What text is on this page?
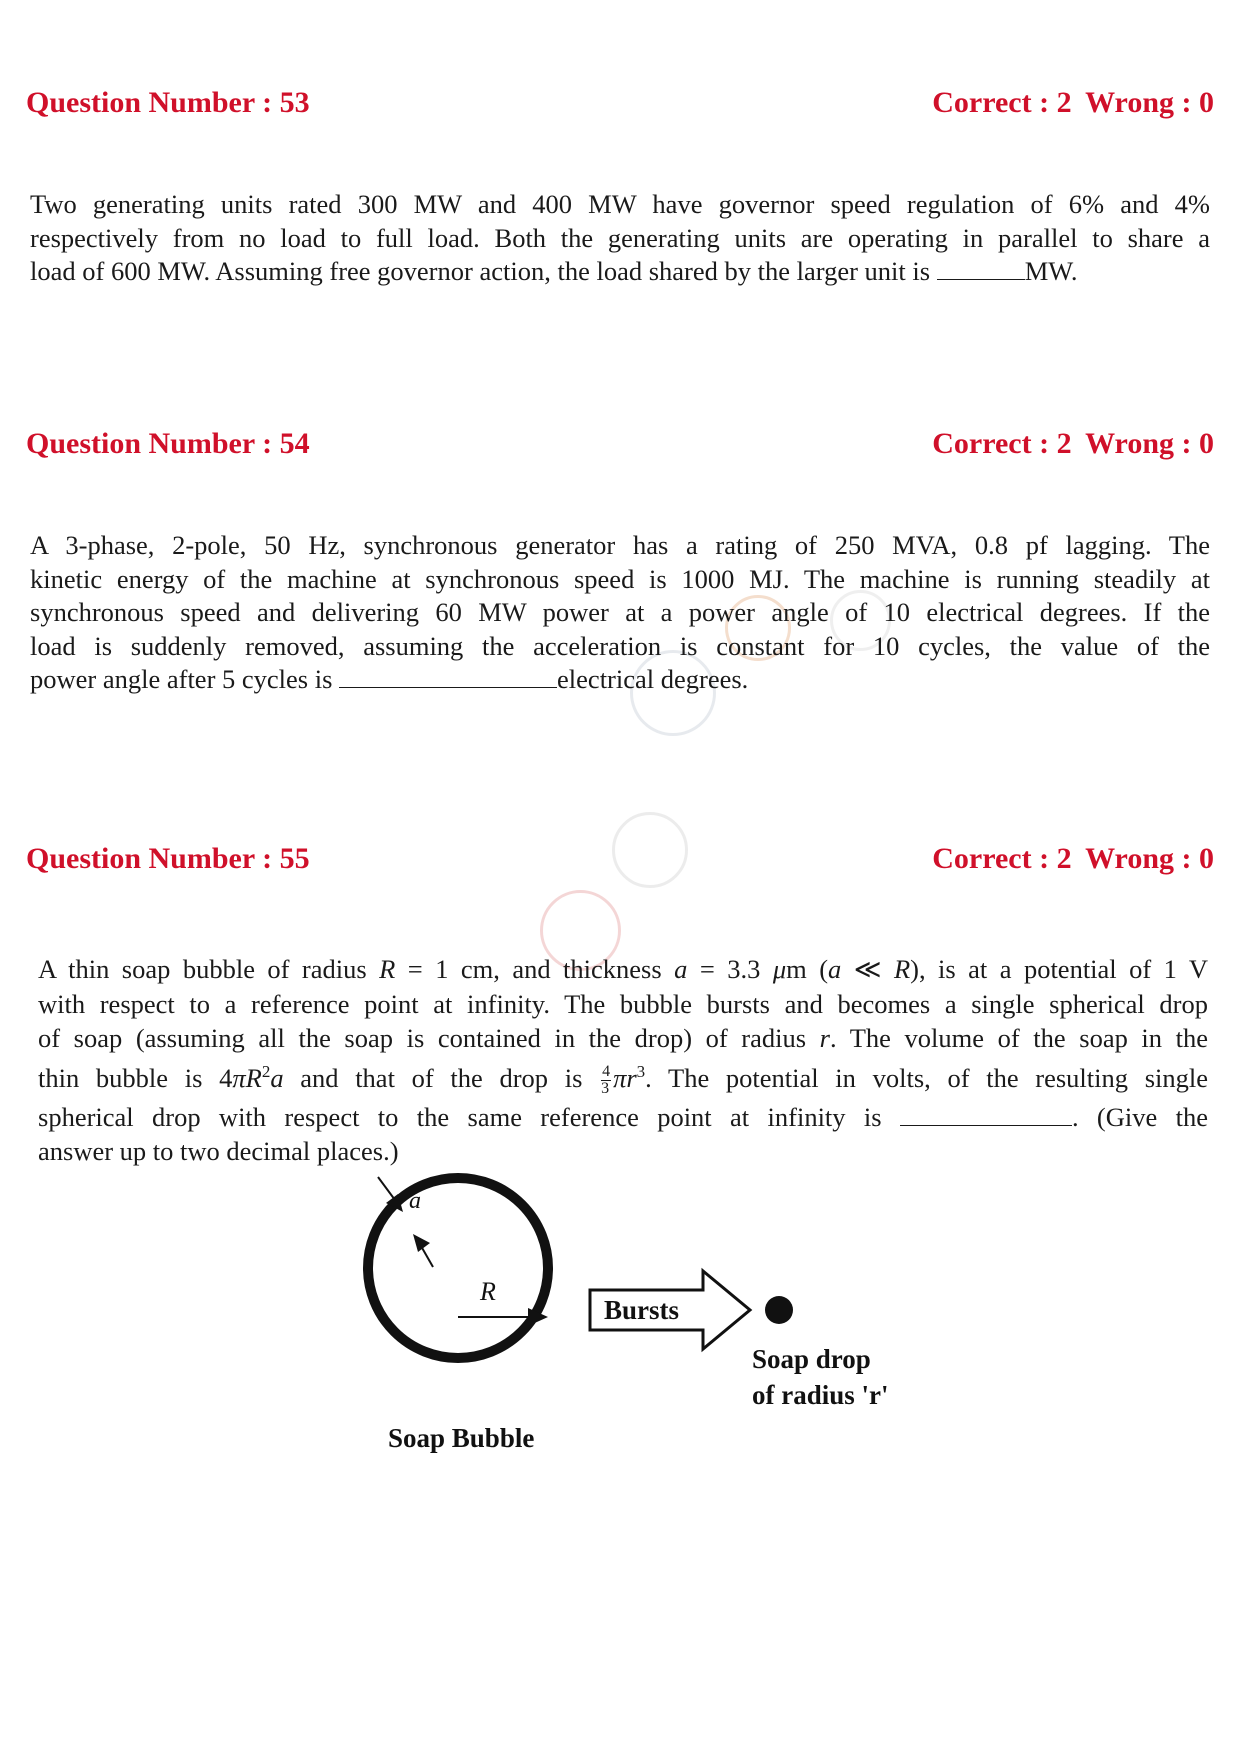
Question Number : 53	Correct : 2 Wrong : 0
Two generating units rated 300 MW and 400 MW have governor speed regulation of 6% and 4%
respectively from no load to full load. Both the generating units are operating in parallel to share a
load of 600 MW. Assuming free governor action, the load shared by the larger unit is	MW.
Question Number : 54	Correct : 2 Wrong : 0
A 3-phase, 2-pole, 50 Hz, synchronous generator has a rating of 250 MVA, 0.8 pf lagging. The
kinetic energy of the machine at synchronous speed is 1000 MJ. The machine is running steadily at
synchronous speed and delivering 60 MW power at a power angle of 10 electrical degrees. If the
load is suddenly removed, assuming the acceleration is constant for 10 cycles, the value of the
power angle after 5 cycles is	electrical degrees.
Question Number : 55	Correct : 2 Wrong : 0
A thin soap bubble of radius R = 1 cm, and thickness a = 3.3 μm (a ≪ R), is at a potential of 1 V
with respect to a reference point at infinity. The bubble bursts and becomes a single spherical drop
of soap (assuming all the soap is contained in the drop) of radius r. The volume of the soap in the
thin bubble is $4\pi R^2a$ and that of the drop is $\frac{4}{3} \pi r^3$. The potential in volts, of the resulting single
spherical drop with respect to the same reference point at infinity is	. (Give the
answer up to two decimal places.)
a
R
Bursts
Soap drop
of radius 'r'
Soap Bubble
